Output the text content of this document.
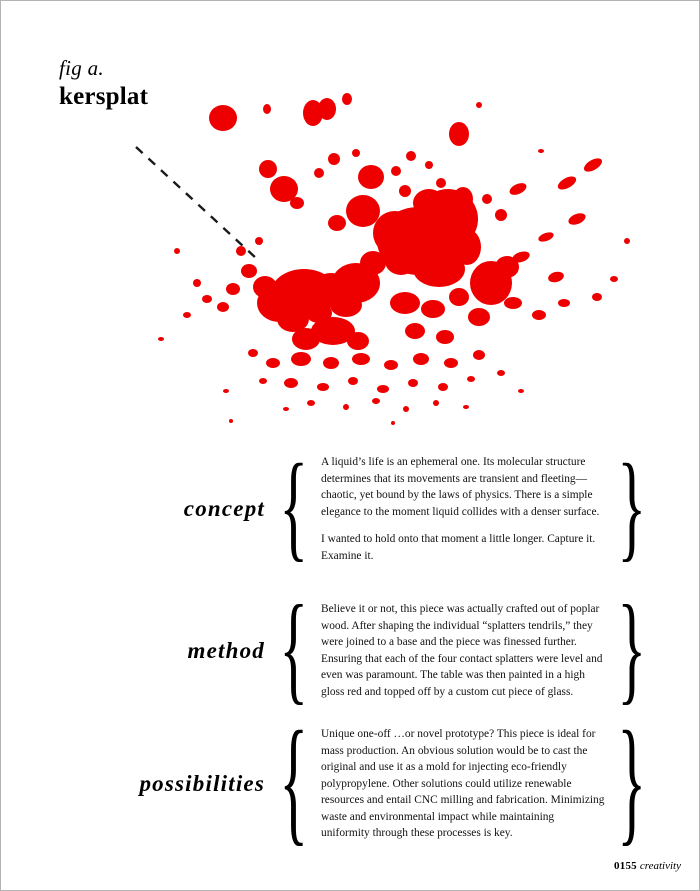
fig a.
kersplat
concept { A liquid’s life is an ephemeral one. Its molecular structure determines that its movements are transient and fleeting—chaotic, yet bound by the laws of physics. There is a simple elegance to the moment liquid collides with a denser surface.

I wanted to hold onto that moment a little longer. Capture it. Examine it.	}
method { Believe it or not, this piece was actually crafted out of poplar wood. After shaping the individual “splatters tendrils,” they were joined to a base and the piece was finessed further. Ensuring that each of the four contact splatters were level and even was paramount. The table was then painted in a high gloss red and topped off by a custom cut piece of glass. }
possibilities { Unique one-off …or novel prototype? This piece is ideal for mass production. An obvious solution would be to cast the original and use it as a mold for injecting eco-friendly polypropylene. Other solutions could utilize renewable resources and entail CNC milling and fabrication. Minimizing waste and environmental impact while maintaining uniformity through these processes is key.	}
0155 creativity
